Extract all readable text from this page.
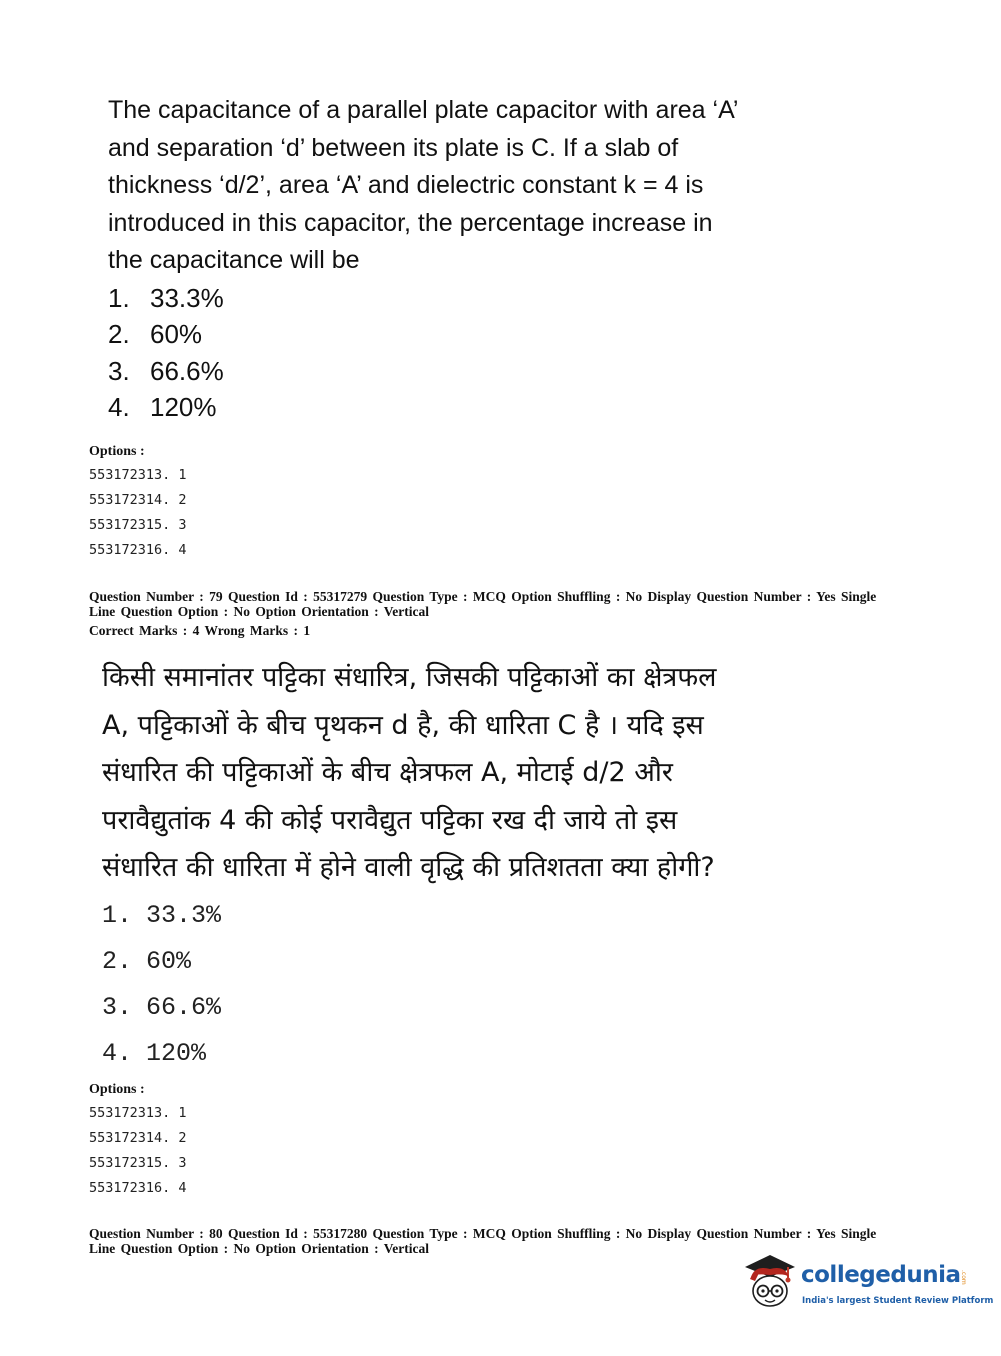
The capacitance of a parallel plate capacitor with area ‘A’
and separation ‘d’ between its plate is C. If a slab of
thickness ‘d/2’, area ‘A’ and dielectric constant k = 4 is
introduced in this capacitor, the percentage increase in
the capacitance will be
1. 33.3%
2. 60%
3. 66.6%
4. 120%
Options :
553172313. 1
553172314. 2
553172315. 3
553172316. 4
Question Number : 79 Question Id : 55317279 Question Type : MCQ Option Shuffling : No Display Question Number : Yes Single
Line Question Option : No Option Orientation : Vertical
Correct Marks : 4 Wrong Marks : 1
किसी समानांतर पट्टिका संधारित्र, जिसकी पट्टिकाओं का क्षेत्रफल
A, पट्टिकाओं के बीच पृथकन d है, की धारिता C है । यदि इस
संधारित की पट्टिकाओं के बीच क्षेत्रफल A, मोटाई d/2 और
परावैद्युतांक 4 की कोई परावैद्युत पट्टिका रख दी जाये तो इस
संधारित की धारिता में होने वाली वृद्धि की प्रतिशतता क्या होगी?
1. 33.3%
2. 60%
3. 66.6%
4. 120%
Options :
553172313. 1
553172314. 2
553172315. 3
553172316. 4
Question Number : 80 Question Id : 55317280 Question Type : MCQ Option Shuffling : No Display Question Number : Yes Single
Line Question Option : No Option Orientation : Vertical
collegedunia .com
India's largest Student Review Platform
